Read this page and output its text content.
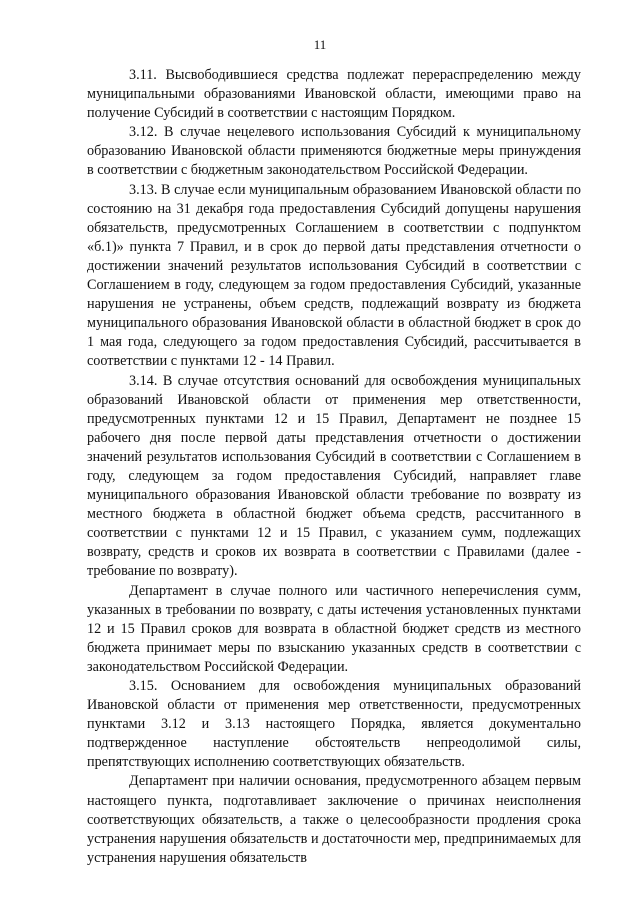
11

3.11. Высвободившиеся средства подлежат перераспределению между муниципальными образованиями Ивановской области, имеющими право на получение Субсидий в соответствии с настоящим Порядком.

3.12. В случае нецелевого использования Субсидий к муниципальному образованию Ивановской области применяются бюджетные меры принуждения в соответствии с бюджетным законодательством Российской Федерации.

3.13. В случае если муниципальным образованием Ивановской области по состоянию на 31 декабря года предоставления Субсидий допущены нарушения обязательств, предусмотренных Соглашением в соответствии с подпунктом «б.1)» пункта 7 Правил, и в срок до первой даты представления отчетности о достижении значений результатов использования Субсидий в соответствии с Соглашением в году, следующем за годом предоставления Субсидий, указанные нарушения не устранены, объем средств, подлежащий возврату из бюджета муниципального образования Ивановской области в областной бюджет в срок до 1 мая года, следующего за годом предоставления Субсидий, рассчитывается в соответствии с пунктами 12 - 14 Правил.

3.14. В случае отсутствия оснований для освобождения муниципальных образований Ивановской области от применения мер ответственности, предусмотренных пунктами 12 и 15 Правил, Департамент не позднее 15 рабочего дня после первой даты представления отчетности о достижении значений результатов использования Субсидий в соответствии с Соглашением в году, следующем за годом предоставления Субсидий, направляет главе муниципального образования Ивановской области требование по возврату из местного бюджета в областной бюджет объема средств, рассчитанного в соответствии с пунктами 12 и 15 Правил, с указанием сумм, подлежащих возврату, средств и сроков их возврата в соответствии с Правилами (далее - требование по возврату).

Департамент в случае полного или частичного неперечисления сумм, указанных в требовании по возврату, с даты истечения установленных пунктами 12 и 15 Правил сроков для возврата в областной бюджет средств из местного бюджета принимает меры по взысканию указанных средств в соответствии с законодательством Российской Федерации.

3.15. Основанием для освобождения муниципальных образований Ивановской области от применения мер ответственности, предусмотренных пунктами 3.12 и 3.13 настоящего Порядка, является документально подтвержденное наступление обстоятельств непреодолимой силы, препятствующих исполнению соответствующих обязательств.

Департамент при наличии основания, предусмотренного абзацем первым настоящего пункта, подготавливает заключение о причинах неисполнения соответствующих обязательств, а также о целесообразности продления срока устранения нарушения обязательств и достаточности мер, предпринимаемых для устранения нарушения обязательств
